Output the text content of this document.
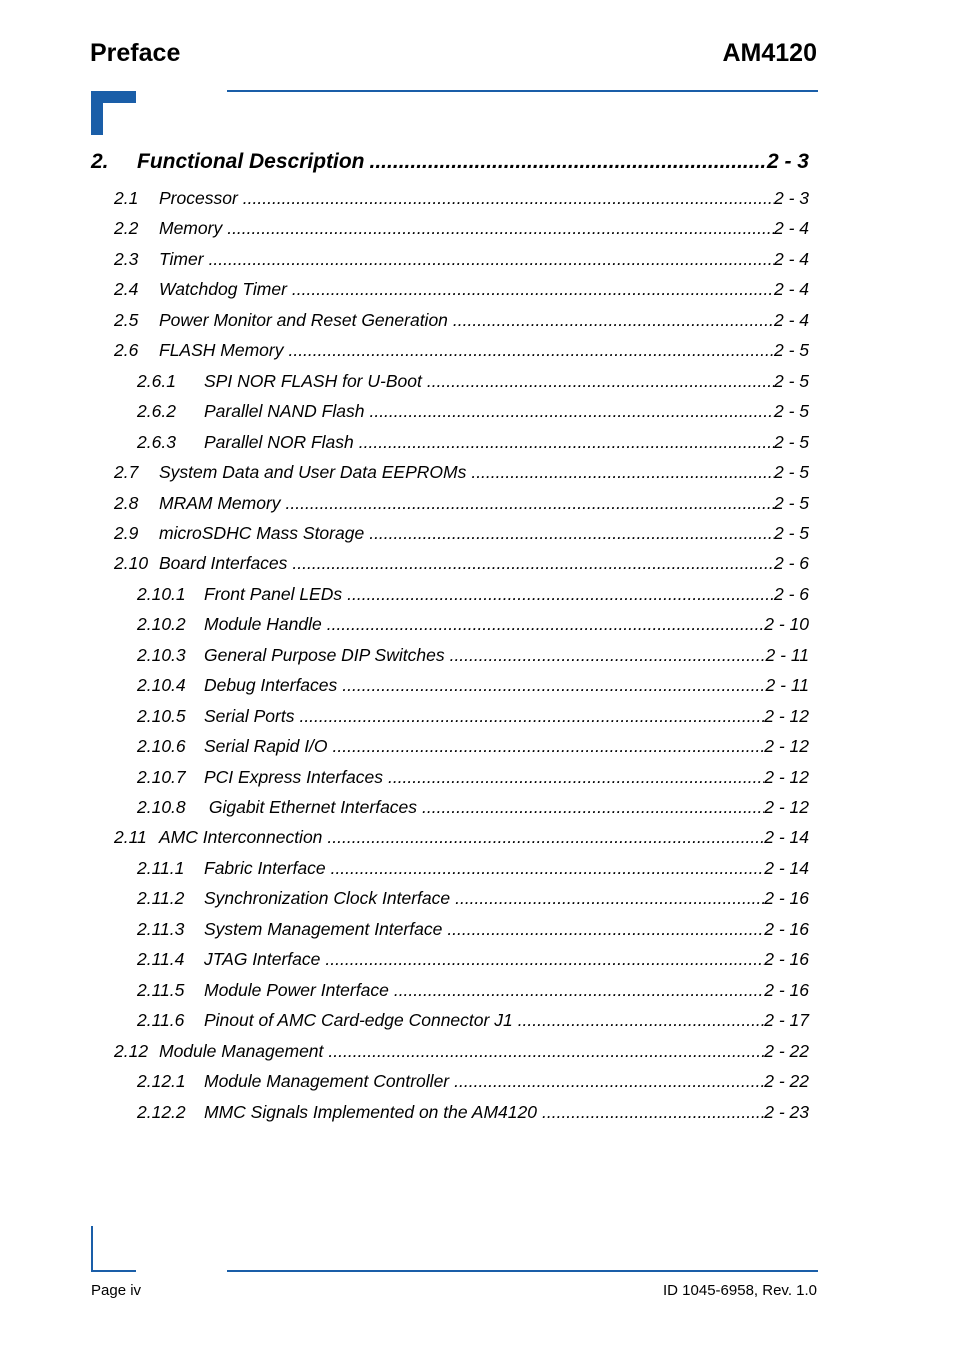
Preface	AM4120
2.	Functional Description .....	2 - 3
2.1	Processor .....	2 - 3
2.2	Memory .....	2 - 4
2.3	Timer .....	2 - 4
2.4	Watchdog Timer .....	2 - 4
2.5	Power Monitor and Reset Generation .....	2 - 4
2.6	FLASH Memory .....	2 - 5
2.6.1	SPI NOR FLASH for U-Boot .....	2 - 5
2.6.2	Parallel NAND Flash .....	2 - 5
2.6.3	Parallel NOR Flash .....	2 - 5
2.7	System Data and User Data EEPROMs .....	2 - 5
2.8	MRAM Memory .....	2 - 5
2.9	microSDHC Mass Storage .....	2 - 5
2.10 Board Interfaces .....	2 - 6
2.10.1	Front Panel LEDs .....	2 - 6
2.10.2	Module Handle .....	2 - 10
2.10.3	General Purpose DIP Switches .....	2 - 11
2.10.4	Debug Interfaces .....	2 - 11
2.10.5	Serial Ports .....	2 - 12
2.10.6	Serial Rapid I/O .....	2 - 12
2.10.7	PCI Express Interfaces .....	2 - 12
2.10.8	Gigabit Ethernet Interfaces .....	2 - 12
2.11 AMC Interconnection .....	2 - 14
2.11.1	Fabric Interface .....	2 - 14
2.11.2	Synchronization Clock Interface .....	2 - 16
2.11.3	System Management Interface .....	2 - 16
2.11.4	JTAG Interface .....	2 - 16
2.11.5	Module Power Interface .....	2 - 16
2.11.6	Pinout of AMC Card-edge Connector J1 .....	2 - 17
2.12 Module Management .....	2 - 22
2.12.1	Module Management Controller .....	2 - 22
2.12.2	MMC Signals Implemented on the AM4120 .....	2 - 23
Page iv	ID 1045-6958, Rev. 1.0
